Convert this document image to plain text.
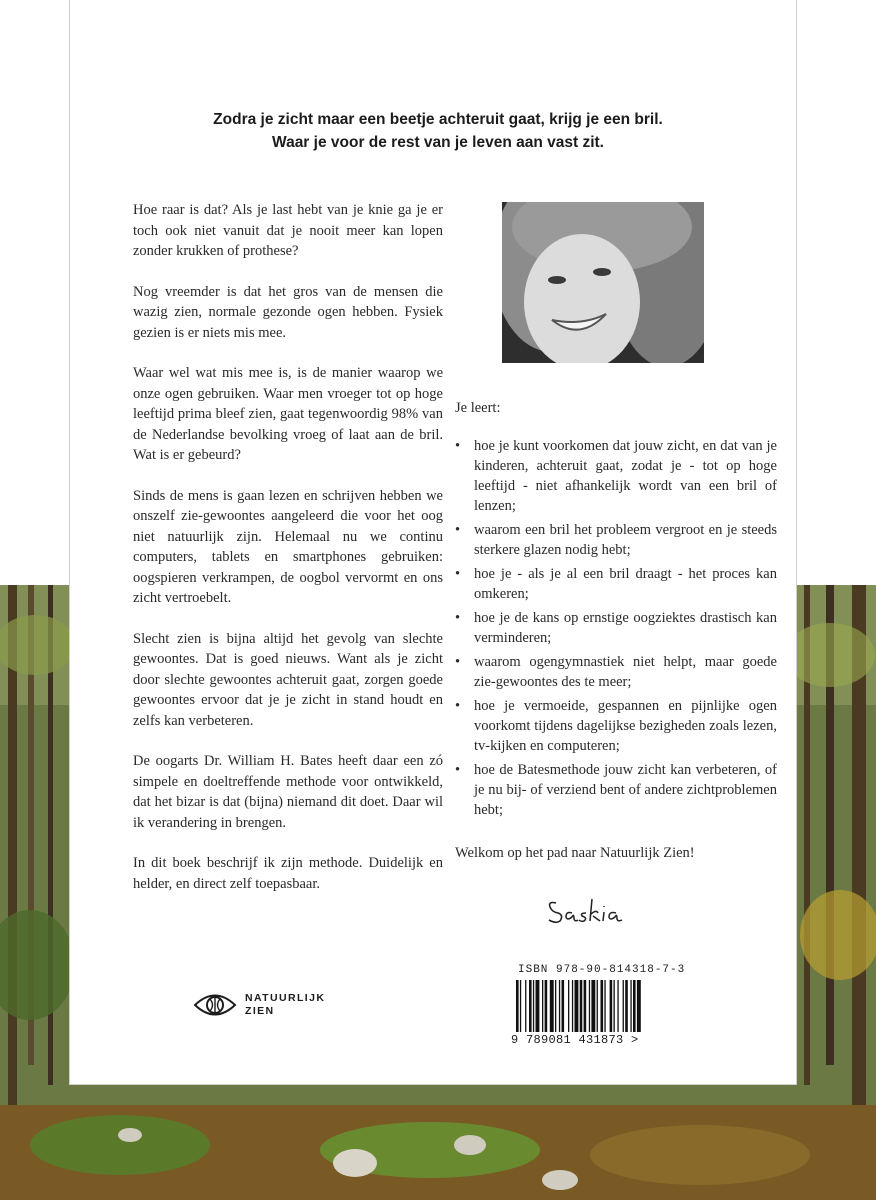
Zodra je zicht maar een beetje achteruit gaat, krijg je een bril.
Waar je voor de rest van je leven aan vast zit.

Hoe raar is dat? Als je last hebt van je knie ga je er toch ook niet vanuit dat je nooit meer kan lopen zonder krukken of prothese?

Nog vreemder is dat het gros van de mensen die wazig zien, normale gezonde ogen hebben. Fysiek gezien is er niets mis mee.

Waar wel wat mis mee is, is de manier waarop we onze ogen gebruiken. Waar men vroeger tot op hoge leeftijd prima bleef zien, gaat tegenwoordig 98% van de Nederlandse bevolking vroeg of laat aan de bril. Wat is er gebeurd?

Sinds de mens is gaan lezen en schrijven hebben we onszelf zie-gewoontes aangeleerd die voor het oog niet natuurlijk zijn. Helemaal nu we continu computers, tablets en smartphones gebruiken: oogspieren verkrampen, de oogbol vervormt en ons zicht vertroebelt.

Slecht zien is bijna altijd het gevolg van slechte gewoontes. Dat is goed nieuws. Want als je zicht door slechte gewoontes achteruit gaat, zorgen goede gewoontes ervoor dat je je zicht in stand houdt en zelfs kan verbeteren.

De oogarts Dr. William H. Bates heeft daar een zó simpele en doeltreffende methode voor ontwikkeld, dat het bizar is dat (bijna) niemand dit doet. Daar wil ik verandering in brengen.

In dit boek beschrijf ik zijn methode. Duidelijk en helder, en direct zelf toepasbaar.

Je leert:
• hoe je kunt voorkomen dat jouw zicht, en dat van je kinderen, achteruit gaat, zodat je - tot op hoge leeftijd - niet afhankelijk wordt van een bril of lenzen;
• waarom een bril het probleem vergroot en je steeds sterkere glazen nodig hebt;
• hoe je - als je al een bril draagt - het proces kan omkeren;
• hoe je de kans op ernstige oogziektes drastisch kan verminderen;
• waarom ogengymnastiek niet helpt, maar goede zie-gewoontes des te meer;
• hoe je vermoeide, gespannen en pijnlijke ogen voorkomt tijdens dagelijkse bezigheden zoals lezen, tv-kijken en computeren;
• hoe de Batesmethode jouw zicht kan verbeteren, of je nu bij- of verziend bent of andere zichtproblemen hebt;
Welkom op het pad naar Natuurlijk Zien!
ISBN 978-90-814318-7-3
9 789081 431873 >
NATUURLIJK
ZIEN
